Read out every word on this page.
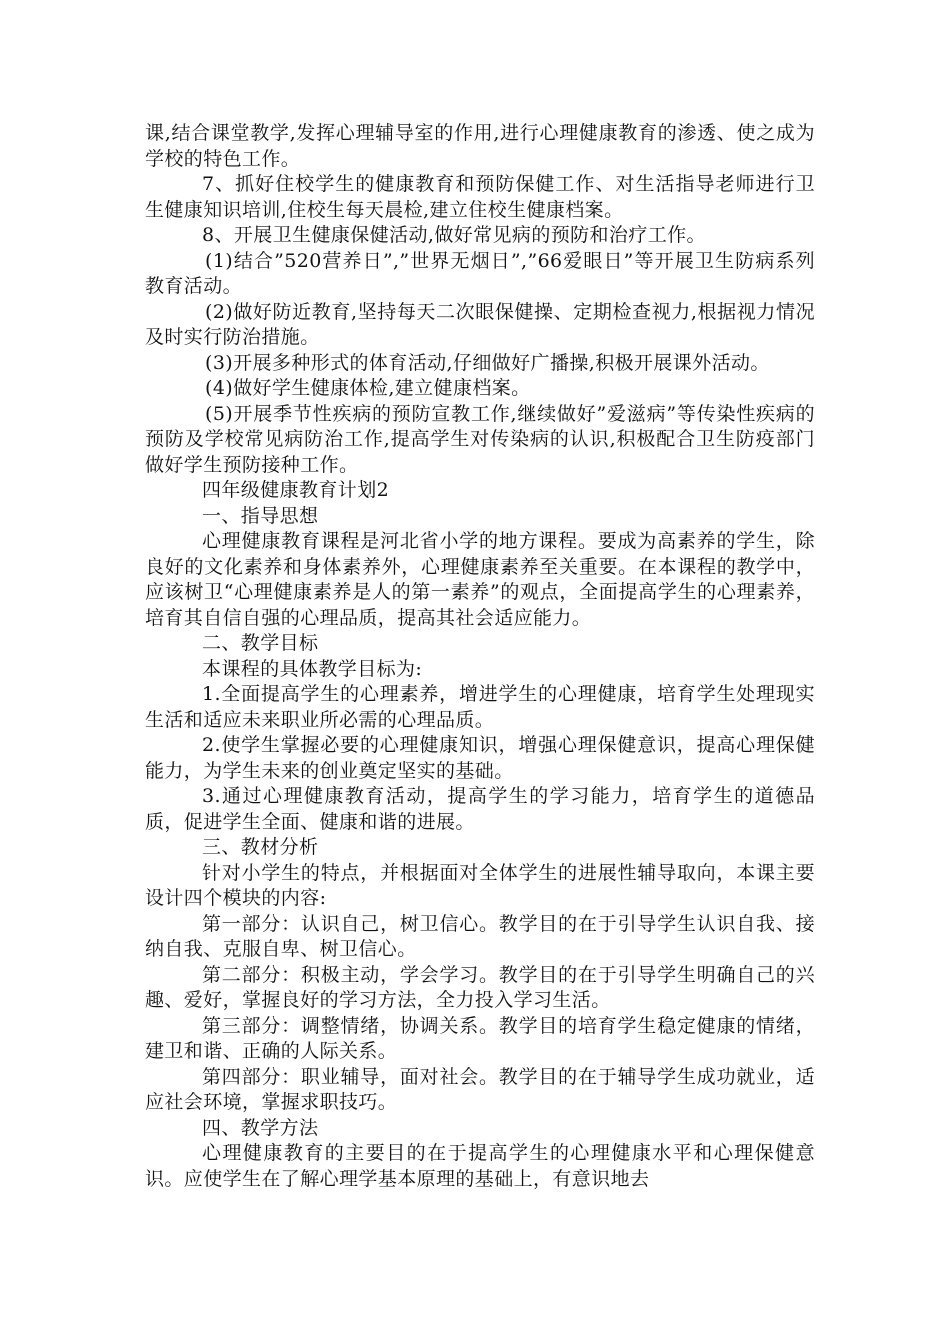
课,结合课堂教学,发挥心理辅导室的作用,进行心理健康教育的渗透、使之成为学校的特色工作。

7、抓好住校学生的健康教育和预防保健工作、对生活指导老师进行卫生健康知识培训,住校生每天晨检,建立住校生健康档案。

8、开展卫生健康保健活动,做好常见病的预防和治疗工作。

(1)结合”520营养日”,”世界无烟日”,”66爱眼日”等开展卫生防病系列教育活动。

(2)做好防近教育,坚持每天二次眼保健操、定期检查视力,根据视力情况及时实行防治措施。

(3)开展多种形式的体育活动,仔细做好广播操,积极开展课外活动。

(4)做好学生健康体检,建立健康档案。

(5)开展季节性疾病的预防宣教工作,继续做好”爱滋病”等传染性疾病的预防及学校常见病防治工作,提高学生对传染病的认识,积极配合卫生防疫部门做好学生预防接种工作。

四年级健康教育计划2

一、指导思想

心理健康教育课程是河北省小学的地方课程。要成为高素养的学生，除良好的文化素养和身体素养外，心理健康素养至关重要。在本课程的教学中，应该树卫“心理健康素养是人的第一素养”的观点，全面提高学生的心理素养，培育其自信自强的心理品质，提高其社会适应能力。

二、教学目标

本课程的具体教学目标为:

1.全面提高学生的心理素养，增进学生的心理健康，培育学生处理现实生活和适应未来职业所必需的心理品质。

2.使学生掌握必要的心理健康知识，增强心理保健意识，提高心理保健能力，为学生未来的创业奠定坚实的基础。

3.通过心理健康教育活动，提高学生的学习能力，培育学生的道德品质，促进学生全面、健康和谐的进展。

三、教材分析

针对小学生的特点，并根据面对全体学生的进展性辅导取向，本课主要设计四个模块的内容:

第一部分：认识自己，树卫信心。教学目的在于引导学生认识自我、接纳自我、克服自卑、树卫信心。

第二部分：积极主动，学会学习。教学目的在于引导学生明确自己的兴趣、爱好，掌握良好的学习方法，全力投入学习生活。

第三部分：调整情绪，协调关系。教学目的培育学生稳定健康的情绪，建卫和谐、正确的人际关系。

第四部分：职业辅导，面对社会。教学目的在于辅导学生成功就业，适应社会环境，掌握求职技巧。

四、教学方法

心理健康教育的主要目的在于提高学生的心理健康水平和心理保健意识。应使学生在了解心理学基本原理的基础上，有意识地去
